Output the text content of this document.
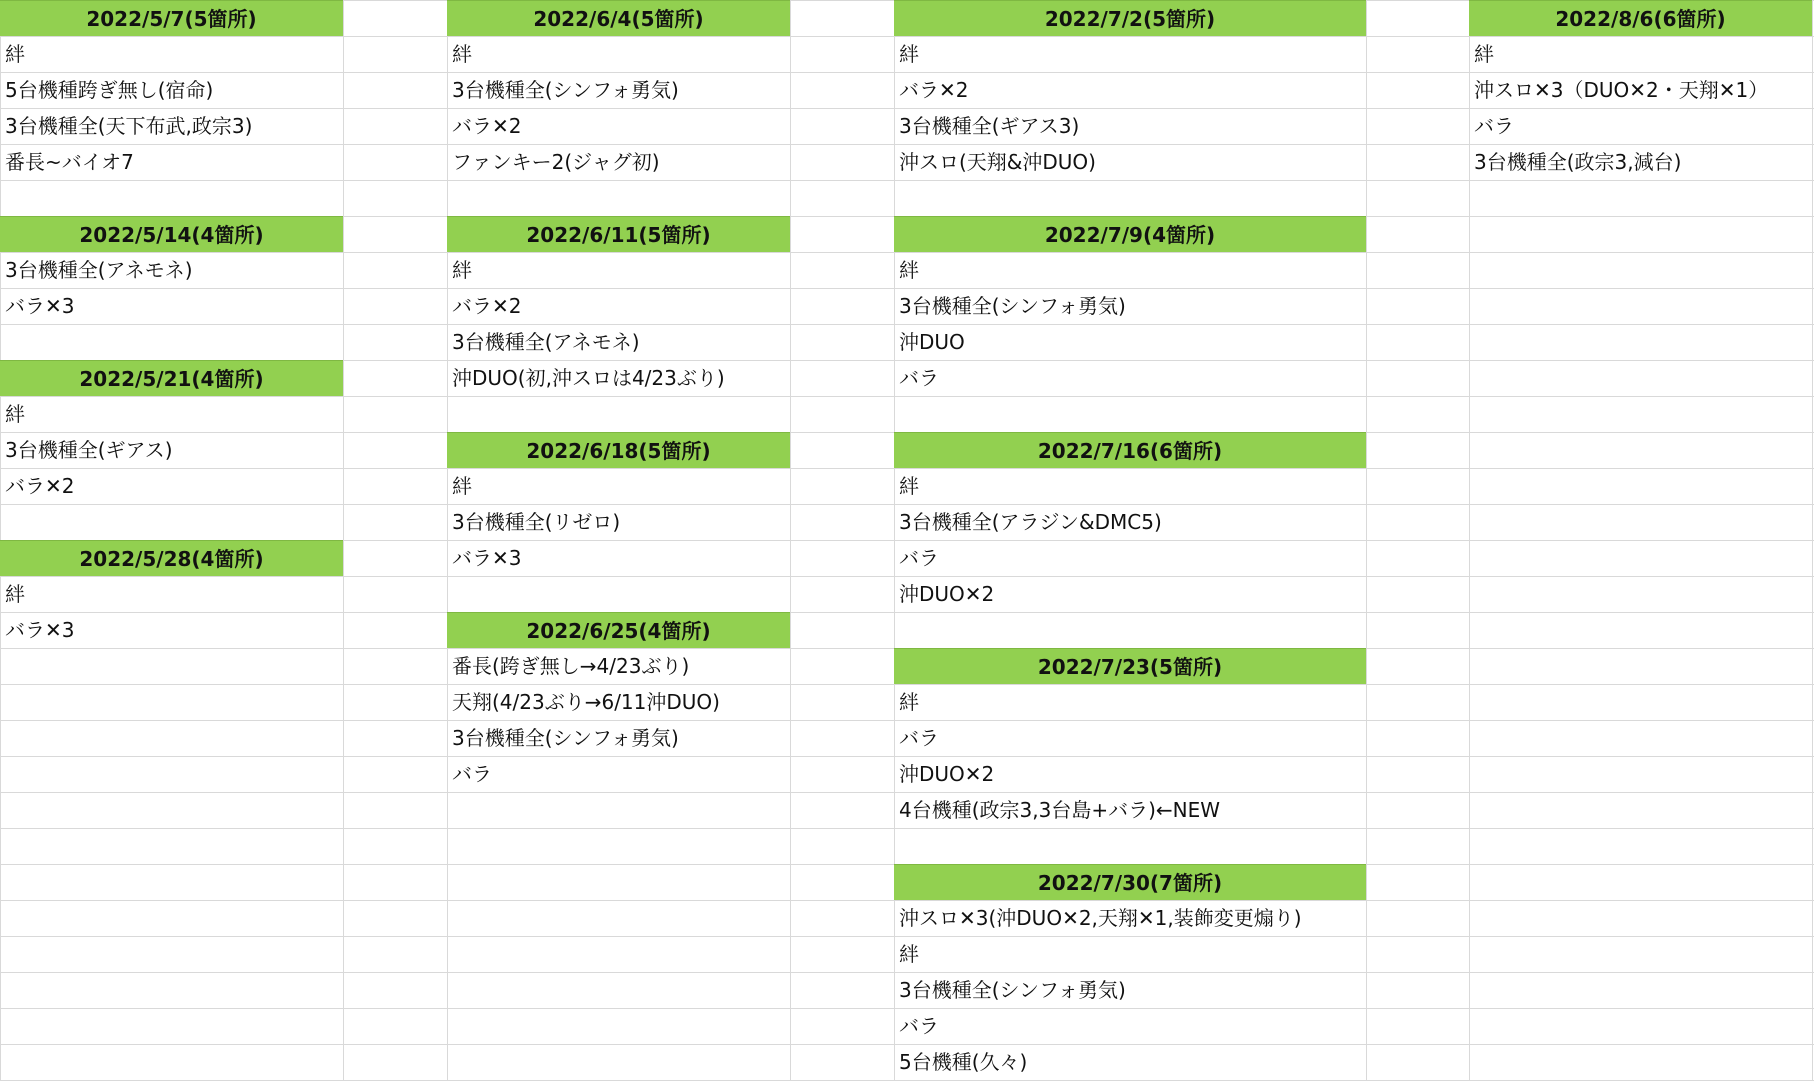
2022/5/7(5箇所)
絆
5台機種跨ぎ無し(宿命)
3台機種全(天下布武,政宗3)
番長~バイオ7
2022/5/14(4箇所)
3台機種全(アネモネ)
バラ✕3
2022/5/21(4箇所)
絆
3台機種全(ギアス)
バラ✕2
2022/5/28(4箇所)
絆
バラ✕3
2022/6/4(5箇所)
絆
3台機種全(シンフォ勇気)
バラ✕2
ファンキー2(ジャグ初)
2022/6/11(5箇所)
絆
バラ✕2
3台機種全(アネモネ)
沖DUO(初,沖スロは4/23ぶり)
2022/6/18(5箇所)
絆
3台機種全(リゼロ)
バラ✕3
2022/6/25(4箇所)
番長(跨ぎ無し→4/23ぶり)
天翔(4/23ぶり→6/11沖DUO)
3台機種全(シンフォ勇気)
バラ
2022/7/2(5箇所)
絆
バラ✕2
3台機種全(ギアス3)
沖スロ(天翔&沖DUO)
2022/7/9(4箇所)
絆
3台機種全(シンフォ勇気)
沖DUO
バラ
2022/7/16(6箇所)
絆
3台機種全(アラジン&DMC5)
バラ
沖DUO✕2
2022/7/23(5箇所)
絆
バラ
沖DUO✕2
4台機種(政宗3,3台島+バラ)←NEW
2022/7/30(7箇所)
沖スロ✕3(沖DUO✕2,天翔✕1,装飾変更煽り)
絆
3台機種全(シンフォ勇気)
バラ
5台機種(久々)
2022/8/6(6箇所)
絆
沖スロ✕3（DUO✕2・天翔✕1）
バラ
3台機種全(政宗3,減台)
